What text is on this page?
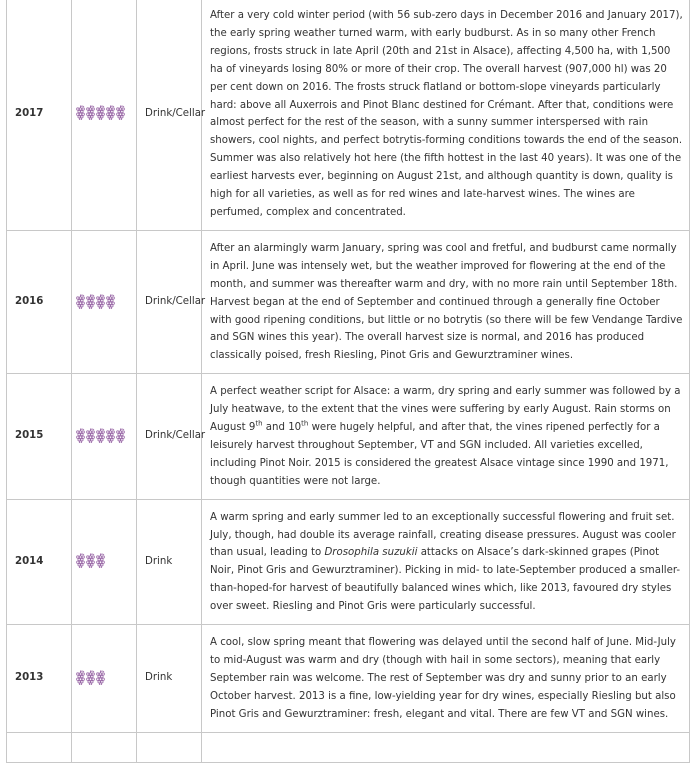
2017		Drink/Cellar	After a very cold winter period (with 56 sub-zero days in December 2016 and January 2017), the early spring weather turned warm, with early budburst. As in so many other French regions, frosts struck in late April (20th and 21st in Alsace), affecting 4,500 ha, with 1,500 ha of vineyards losing 80% or more of their crop. The overall harvest (907,000 hl) was 20 per cent down on 2016. The frosts struck flatland or bottom-slope vineyards particularly hard: above all Auxerrois and Pinot Blanc destined for Crémant. After that, conditions were almost perfect for the rest of the season, with a sunny summer interspersed with rain showers, cool nights, and perfect botrytis-forming conditions towards the end of the season. Summer was also relatively hot here (the fifth hottest in the last 40 years). It was one of the earliest harvests ever, beginning on August 21st, and although quantity is down, quality is high for all varieties, as well as for red wines and late-harvest wines. The wines are perfumed, complex and concentrated.
2016		Drink/Cellar	After an alarmingly warm January, spring was cool and fretful, and budburst came normally in April. June was intensely wet, but the weather improved for flowering at the end of the month, and summer was thereafter warm and dry, with no more rain until September 18th. Harvest began at the end of September and continued through a generally fine October with good ripening conditions, but little or no botrytis (so there will be few Vendange Tardive and SGN wines this year). The overall harvest size is normal, and 2016 has produced classically poised, fresh Riesling, Pinot Gris and Gewurztraminer wines.
2015		Drink/Cellar	A perfect weather script for Alsace: a warm, dry spring and early summer was followed by a July heatwave, to the extent that the vines were suffering by early August. Rain storms on August 9th and 10th were hugely helpful, and after that, the vines ripened perfectly for a leisurely harvest throughout September, VT and SGN included. All varieties excelled, including Pinot Noir. 2015 is considered the greatest Alsace vintage since 1990 and 1971, though quantities were not large.
2014		Drink	A warm spring and early summer led to an exceptionally successful flowering and fruit set. July, though, had double its average rainfall, creating disease pressures. August was cooler than usual, leading to Drosophila suzukii attacks on Alsace’s dark-skinned grapes (Pinot Noir, Pinot Gris and Gewurztraminer). Picking in mid- to late-September produced a smaller-than-hoped-for harvest of beautifully balanced wines which, like 2013, favoured dry styles over sweet. Riesling and Pinot Gris were particularly successful.
2013		Drink	A cool, slow spring meant that flowering was delayed until the second half of June. Mid-July to mid-August was warm and dry (though with hail in some sectors), meaning that early September rain was welcome. The rest of September was dry and sunny prior to an early October harvest. 2013 is a fine, low-yielding year for dry wines, especially Riesling but also Pinot Gris and Gewurztraminer: fresh, elegant and vital. There are few VT and SGN wines.
